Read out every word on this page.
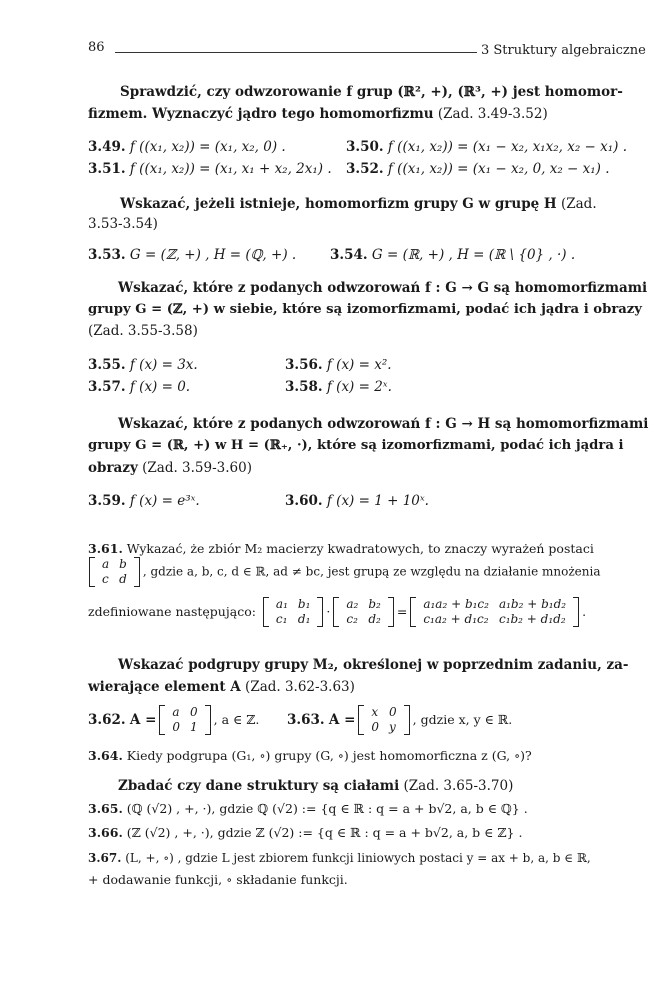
86	3 Struktury algebraiczne
Sprawdzić, czy odwzorowanie f grup (ℝ², +), (ℝ³, +) jest homomor-
fizmem. Wyznaczyć jądro tego homomorfizmu (Zad. 3.49-3.52)
3.49. f ((x₁, x₂)) = (x₁, x₂, 0) .	3.50. f ((x₁, x₂)) = (x₁ − x₂, x₁x₂, x₂ − x₁) .
3.51. f ((x₁, x₂)) = (x₁, x₁ + x₂, 2x₁) . 3.52. f ((x₁, x₂)) = (x₁ − x₂, 0, x₂ − x₁) .
Wskazać, jeżeli istnieje, homomorfizm grupy G w grupę H (Zad.
3.53-3.54)
3.53. G = (ℤ, +) , H = (ℚ, +) .	3.54. G = (ℝ, +) , H = (ℝ \ {0} , ·) .
Wskazać, które z podanych odwzorowań f : G → G są homomorfizmami
grupy G = (ℤ, +) w siebie, które są izomorfizmami, podać ich jądra i obrazy
(Zad. 3.55-3.58)
3.55. f (x) = 3x.	3.56. f (x) = x².
3.57. f (x) = 0.	3.58. f (x) = 2ˣ.
Wskazać, które z podanych odwzorowań f : G → H są homomorfizmami
grupy G = (ℝ, +) w H = (ℝ₊, ·), które są izomorfizmami, podać ich jądra i
obrazy (Zad. 3.59-3.60)
3.59. f (x) = e³ˣ.	3.60. f (x) = 1 + 10ˣ.
3.61. Wykazać, że zbiór M₂ macierzy kwadratowych, to znaczy wyrażeń postaci
a	b
c	d
, gdzie a, b, c, d ∈ ℝ, ad ≠ bc, jest grupą ze względu na działanie mnożenia
zdefiniowane następująco: a₁	b₁
c₁	d₁ · a₂	b₂
c₂	d₂ = a₁a₂ + b₁c₂	a₁b₂ + b₁d₂
c₁a₂ + d₁c₂	c₁b₂ + d₁d₂ .
Wskazać podgrupy grupy M₂, określonej w poprzednim zadaniu, za-
wierające element A (Zad. 3.62-3.63)
3.62. A = a	0
0	1 , a ∈ ℤ. 3.63. A = x	0
0	y , gdzie x, y ∈ ℝ.
3.64. Kiedy podgrupa (G₁, ∘) grupy (G, ∘) jest homomorficzna z (G, ∘)?
Zbadać czy dane struktury są ciałami (Zad. 3.65-3.70)
3.65. (ℚ (√2) , +, ·), gdzie ℚ (√2) := {q ∈ ℝ : q = a + b√2, a, b ∈ ℚ} .
3.66. (ℤ (√2) , +, ·), gdzie ℤ (√2) := {q ∈ ℝ : q = a + b√2, a, b ∈ ℤ} .
3.67. (L, +, ∘) , gdzie L jest zbiorem funkcji liniowych postaci y = ax + b, a, b ∈ ℝ,
+ dodawanie funkcji, ∘ składanie funkcji.
